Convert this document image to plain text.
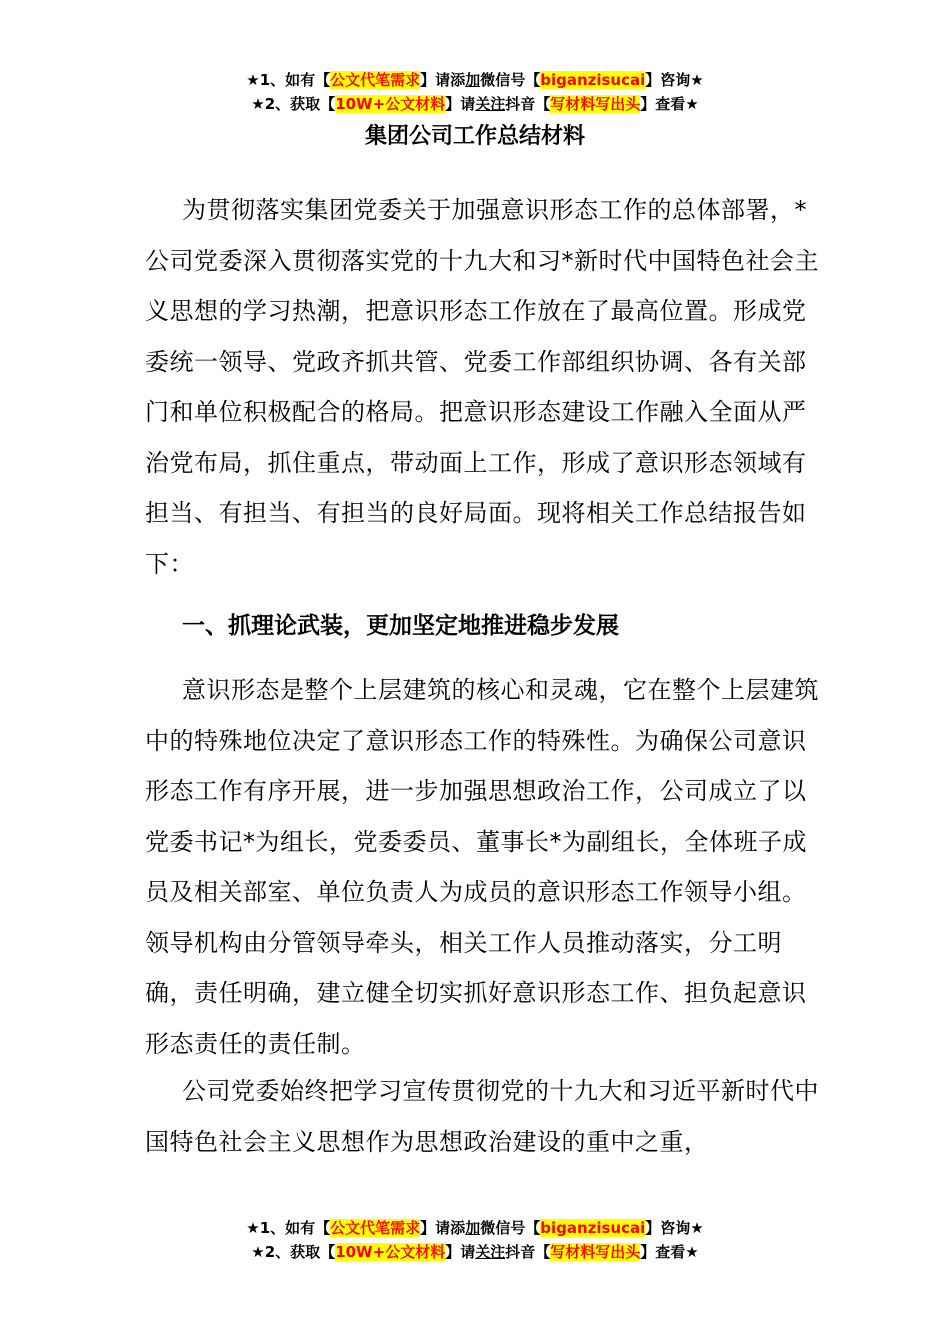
★1、如有【公文代笔需求】请添加微信号【biganzisucai】咨询★
★2、获取【10W+公文材料】请关注抖音【写材料写出头】查看★
集团公司工作总结材料

为贯彻落实集团党委关于加强意识形态工作的总体部署，*公司党委深入贯彻落实党的十九大和习*新时代中国特色社会主义思想的学习热潮，把意识形态工作放在了最高位置。形成党委统一领导、党政齐抓共管、党委工作部组织协调、各有关部门和单位积极配合的格局。把意识形态建设工作融入全面从严治党布局，抓住重点，带动面上工作，形成了意识形态领域有担当、有担当、有担当的良好局面。现将相关工作总结报告如下：

一、抓理论武装，更加坚定地推进稳步发展

意识形态是整个上层建筑的核心和灵魂，它在整个上层建筑中的特殊地位决定了意识形态工作的特殊性。为确保公司意识形态工作有序开展，进一步加强思想政治工作，公司成立了以党委书记*为组长，党委委员、董事长*为副组长，全体班子成员及相关部室、单位负责人为成员的意识形态工作领导小组。领导机构由分管领导牵头，相关工作人员推动落实，分工明确，责任明确，建立健全切实抓好意识形态工作、担负起意识形态责任的责任制。

公司党委始终把学习宣传贯彻党的十九大和习近平新时代中国特色社会主义思想作为思想政治建设的重中之重，

★1、如有【公文代笔需求】请添加微信号【biganzisucai】咨询★
★2、获取【10W+公文材料】请关注抖音【写材料写出头】查看★
